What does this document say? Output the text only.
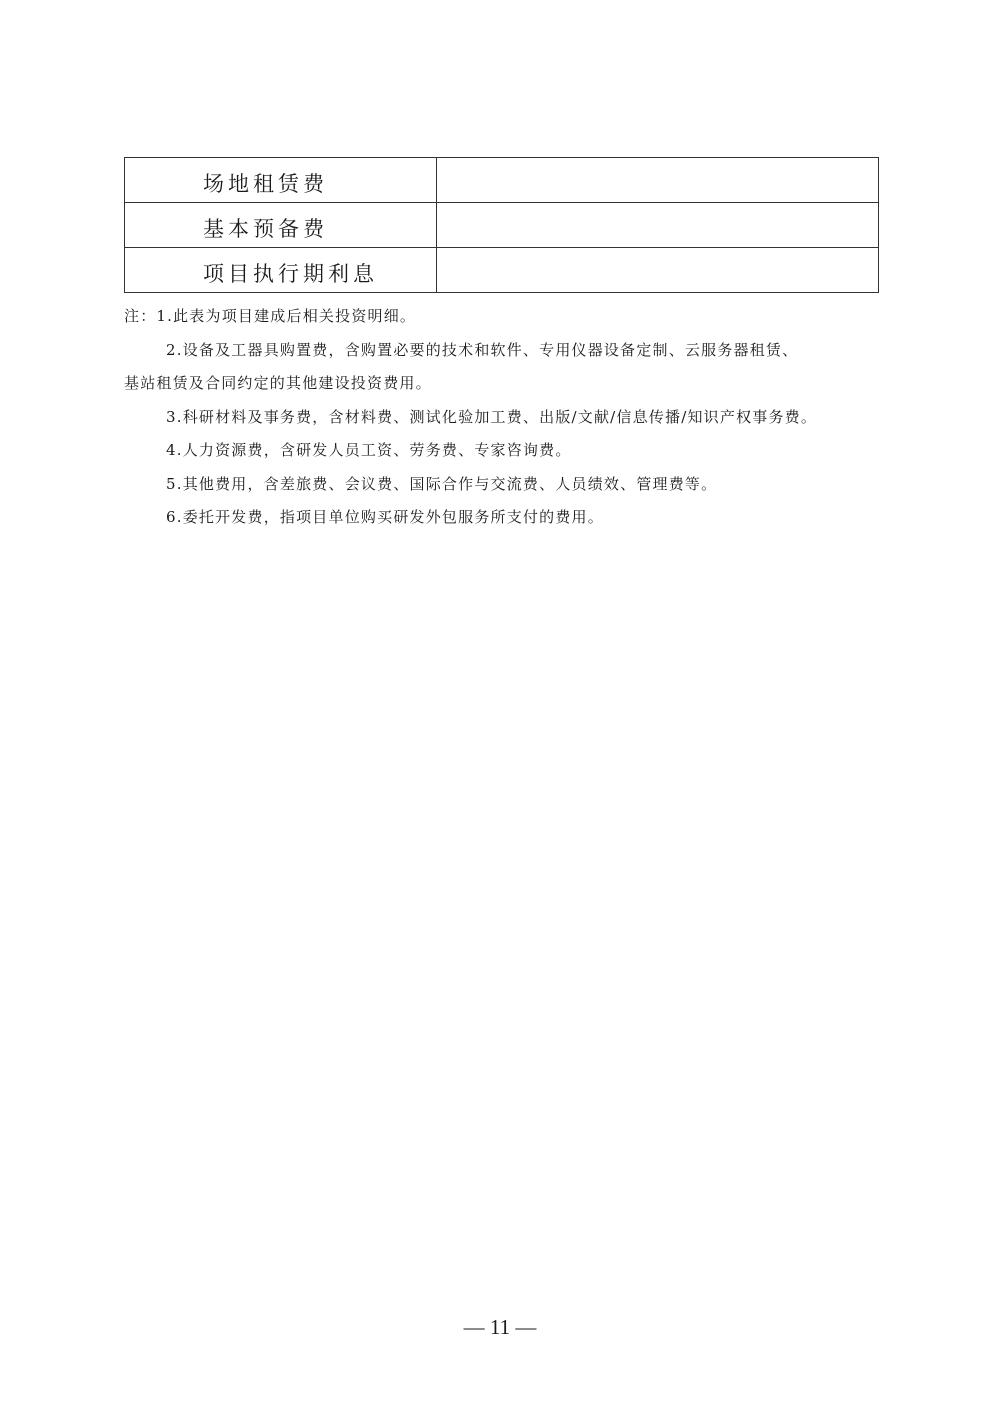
场地租赁费	
基本预备费	
项目执行期利息	

注：1.此表为项目建成后相关投资明细。

2.设备及工器具购置费，含购置必要的技术和软件、专用仪器设备定制、云服务器租赁、

基站租赁及合同约定的其他建设投资费用。

3.科研材料及事务费，含材料费、测试化验加工费、出版/文献/信息传播/知识产权事务费。

4.人力资源费，含研发人员工资、劳务费、专家咨询费。

5.其他费用，含差旅费、会议费、国际合作与交流费、人员绩效、管理费等。

6.委托开发费，指项目单位购买研发外包服务所支付的费用。

— 11 —
